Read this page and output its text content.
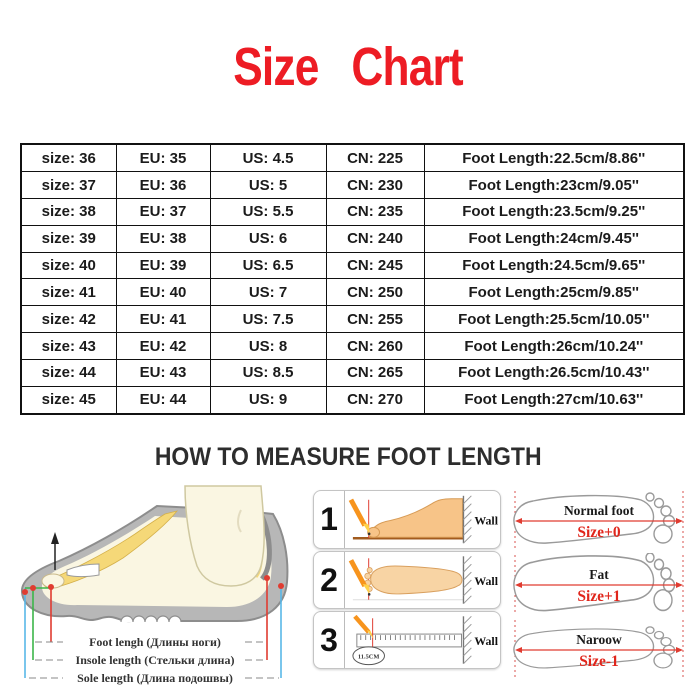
Size Chart
size: 36	EU: 35	US: 4.5	CN: 225	Foot Length:22.5cm/8.86''
size: 37	EU: 36	US: 5	CN: 230	Foot Length:23cm/9.05''
size: 38	EU: 37	US: 5.5	CN: 235	Foot Length:23.5cm/9.25''
size: 39	EU: 38	US: 6	CN: 240	Foot Length:24cm/9.45''
size: 40	EU: 39	US: 6.5	CN: 245	Foot Length:24.5cm/9.65''
size: 41	EU: 40	US: 7	CN: 250	Foot Length:25cm/9.85''
size: 42	EU: 41	US: 7.5	CN: 255	Foot Length:25.5cm/10.05''
size: 43	EU: 42	US: 8	CN: 260	Foot Length:26cm/10.24''
size: 44	EU: 43	US: 8.5	CN: 265	Foot Length:26.5cm/10.43''
size: 45	EU: 44	US: 9	CN: 270	Foot Length:27cm/10.63''
HOW TO MEASURE FOOT LENGTH
Foot lengh (Длины ноги)
Insole length (Стельки длина)
Sole length (Длина подошвы)
1	Wall
2	Wall
3	11.5CM
Wall
Normal foot
Size+0
Fat
Size+1
Naroow
Size-1
